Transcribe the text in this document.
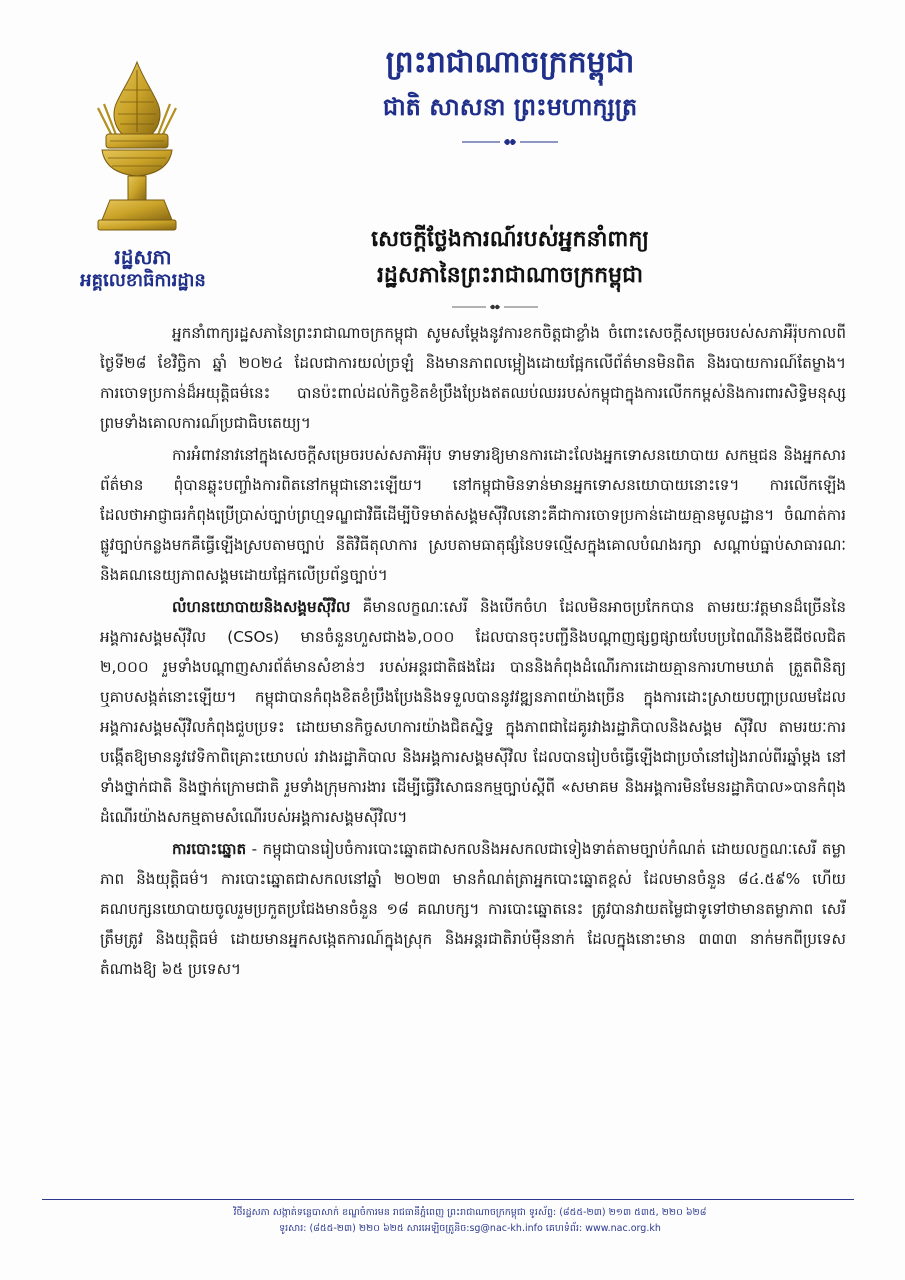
រដ្ឋសភា
អគ្គលេខាធិការដ្ឋាន
ព្រះរាជាណាចក្រកម្ពុជា
ជាតិ សាសនា ព្រះមហាក្សត្រ
សេចក្តីថ្លែងការណ៍របស់អ្នកនាំពាក្យ
រដ្ឋសភានៃព្រះរាជាណាចក្រកម្ពុជា

អ្នកនាំពាក្យរដ្ឋសភានៃព្រះរាជាណាចក្រកម្ពុជា សូមសម្តែងនូវការខកចិត្តជាខ្លាំង ចំពោះសេចក្តីសម្រេចរបស់សភាអឺរ៉ុបកាលពីថ្ងៃទី២៨ ខែវិច្ឆិកា ឆ្នាំ ២០២៤ ដែលជាការយល់ច្រឡំ និងមានភាពលម្អៀងដោយផ្អែកលើព័ត៌មានមិនពិត និងរបាយការណ៍តែម្ខាង។ ការចោទប្រកាន់ដ៏អយុត្តិធម៌នេះ បានប៉ះពាល់ដល់កិច្ចខិតខំប្រឹងប្រែងឥតឈប់ឈររបស់កម្ពុជាក្នុងការលើកកម្ពស់និងការពារសិទ្ធិមនុស្ស ព្រមទាំងគោលការណ៍ប្រជាធិបតេយ្យ។

ការអំពាវនាវនៅក្នុងសេចក្តីសម្រេចរបស់សភាអឺរ៉ុប ទាមទារឱ្យមានការដោះលែងអ្នកទោសនយោបាយ សកម្មជន និងអ្នកសារព័ត៌មាន ពុំបានឆ្លុះបញ្ចាំងការពិតនៅកម្ពុជានោះឡើយ។ នៅកម្ពុជាមិនទាន់មានអ្នកទោសនយោបាយនោះទេ។ ការលើកឡើងដែលថាអាជ្ញាធរកំពុងប្រើប្រាស់ច្បាប់ព្រហ្មទណ្ឌជាវិធីដើម្បីបិទមាត់សង្គមស៊ីវិលនោះគឺជាការចោទប្រកាន់ដោយគ្មានមូលដ្ឋាន។ ចំណាត់ការផ្លូវច្បាប់កន្លងមកគឺធ្វើឡើងស្របតាមច្បាប់ នីតិវិធីតុលាការ ស្របតាមធាតុផ្សំនៃបទល្មើសក្នុងគោលបំណងរក្សា សណ្តាប់ធ្នាប់សាធារណៈ និងគណនេយ្យភាពសង្គមដោយផ្អែកលើប្រព័ន្ធច្បាប់។

លំហនយោបាយនិងសង្គមស៊ីវិល គឺមានលក្ខណៈសេរី និងបើកចំហ ដែលមិនអាចប្រកែកបាន តាមរយៈវត្តមានដ៏ច្រើននៃអង្គការសង្គមស៊ីវិល (CSOs) មានចំនួនហួសជាង៦,០០០ ដែលបានចុះបញ្ជីនិងបណ្តាញផ្សព្វផ្សាយបែបប្រពៃណីនិងឌីជីថលជិត ២,០០០ រួមទាំងបណ្តាញសារព័ត៌មានសំខាន់ៗ របស់អន្តរជាតិផងដែរ បាននិងកំពុងដំណើរការដោយគ្មានការហាមឃាត់ ត្រួតពិនិត្យ ឬគាបសង្កត់នោះឡើយ។ កម្ពុជាបានកំពុងខិតខំប្រឹងប្រែងនិងទទួលបាននូវវឌ្ឍនភាពយ៉ាងច្រើន ក្នុងការដោះស្រាយបញ្ហាប្រឈមដែលអង្គការសង្គមស៊ីវិលកំពុងជួបប្រទះ ដោយមានកិច្ចសហការយ៉ាងជិតស្និទ្ធ ក្នុងភាពជាដៃគូរវាងរដ្ឋាភិបាលនិងសង្គម ស៊ីវិល តាមរយៈការបង្កើតឱ្យមាននូវវេទិកាពិគ្រោះយោបល់ រវាងរដ្ឋាភិបាល និងអង្គការសង្គមស៊ីវិល ដែលបានរៀបចំធ្វើឡើងជាប្រចាំនៅរៀងរាល់ពីរឆ្នាំម្តង នៅទាំងថ្នាក់ជាតិ និងថ្នាក់ក្រោមជាតិ រួមទាំងក្រុមការងារ ដើម្បីធ្វើវិសោធនកម្មច្បាប់ស្តីពី «សមាគម និងអង្គការមិនមែនរដ្ឋាភិបាល»បានកំពុងដំណើរយ៉ាងសកម្មតាមសំណើរបស់អង្គការសង្គមស៊ីវិល។

ការបោះឆ្នោត - កម្ពុជាបានរៀបចំការបោះឆ្នោតជាសកលនិងអសកលជាទៀងទាត់តាមច្បាប់កំណត់ ដោយលក្ខណៈសេរី តម្លាភាព និងយុត្តិធម៌។ ការបោះឆ្នោតជាសកលនៅឆ្នាំ ២០២៣ មានកំណត់ត្រាអ្នកបោះឆ្នោតខ្ពស់ ដែលមានចំនួន ៨៤.៥៩% ហើយគណបក្សនយោបាយចូលរួមប្រកួតប្រជែងមានចំនួន ១៨ គណបក្ស។ ការបោះឆ្នោតនេះ ត្រូវបានវាយតម្លៃជាទូទៅថាមានតម្លាភាព សេរី ត្រឹមត្រូវ និងយុត្តិធម៌ ដោយមានអ្នកសង្កេតការណ៍ក្នុងស្រុក និងអន្តរជាតិរាប់ម៉ឺននាក់ ដែលក្នុងនោះមាន ៣៣៣ នាក់មកពីប្រទេសតំណាងឱ្យ ៦៥ ប្រទេស។

វិថីរដ្ឋសភា សង្កាត់ទន្លេបាសាក់ ខណ្ឌចំការមន រាជធានីភ្នំពេញ ព្រះរាជាណាចក្រកម្ពុជា ទូរស័ព្ទ: (៨៥៥-២៣) ២១៣ ៥៣៥, ២២០ ៦២៨
ទូរសារ: (៨៥៥-២៣) ២២០ ៦២៥ សារអេឡិចត្រូនិច:sg@nac-kh.info គេហទំព័រ: www.nac.org.kh
